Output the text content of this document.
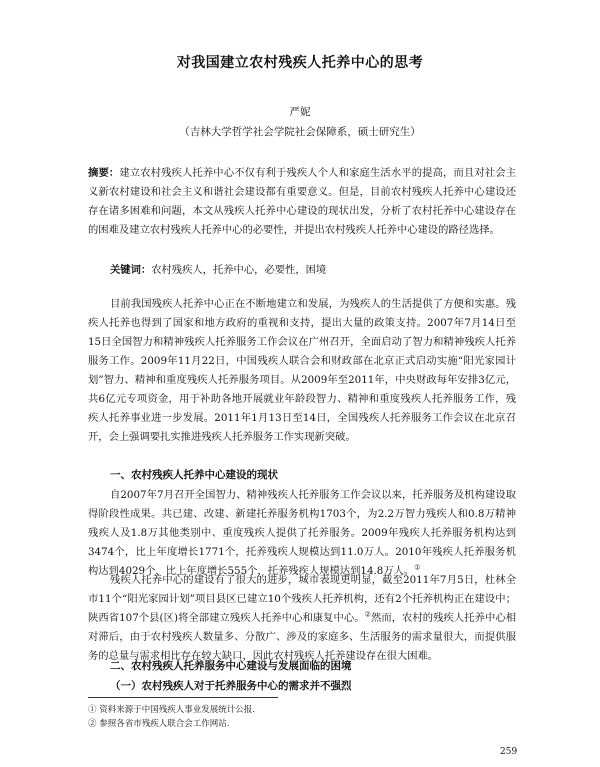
对我国建立农村残疾人托养中心的思考
严妮
（吉林大学哲学社会学院社会保障系，硕士研究生）

摘要：建立农村残疾人托养中心不仅有利于残疾人个人和家庭生活水平的提高，而且对社会主义新农村建设和社会主义和谐社会建设都有重要意义。但是，目前农村残疾人托养中心建设还存在诸多困难和问题，本文从残疾人托养中心建设的现状出发，分析了农村托养中心建设存在的困难及建立农村残疾人托养中心的必要性，并提出农村残疾人托养中心建设的路径选择。

关键词：农村残疾人，托养中心，必要性，困境

目前我国残疾人托养中心正在不断地建立和发展，为残疾人的生活提供了方便和实惠。残疾人托养也得到了国家和地方政府的重视和支持，提出大量的政策支持。2007年7月14日至15日全国智力和精神残疾人托养服务工作会议在广州召开，全面启动了智力和精神残疾人托养服务工作。2009年11月22日，中国残疾人联合会和财政部在北京正式启动实施“阳光家园计划”智力、精神和重度残疾人托养服务项目。从2009年至2011年，中央财政每年安排3亿元，共6亿元专项资金，用于补助各地开展就业年龄段智力、精神和重度残疾人托养服务工作，残疾人托养事业进一步发展。2011年1月13日至14日，全国残疾人托养服务工作会议在北京召开，会上强调要扎实推进残疾人托养服务工作实现新突破。

一、农村残疾人托养中心建设的现状

自2007年7月召开全国智力、精神残疾人托养服务工作会议以来，托养服务及机构建设取得阶段性成果。共已建、改建、新建托养服务机构1703个，为2.2万智力残疾人和0.8万精神残疾人及1.8万其他类别中、重度残疾人提供了托养服务。2009年残疾人托养服务机构达到3474个，比上年度增长1771个，托养残疾人规模达到11.0万人。2010年残疾人托养服务机构达到4029个，比上年度增长555个，托养残疾人规模达到14.8万人。①

残疾人托养中心的建设有了很大的进步，城市表现更明显，截至2011年7月5日，杜林全市11个“阳光家园计划”项目县区已建立10个残疾人托养机构，还有2个托养机构正在建设中；陕西省107个县(区)将全部建立残疾人托养中心和康复中心。②然而，农村的残疾人托养中心相对滞后，由于农村残疾人数量多、分散广、涉及的家庭多、生活服务的需求量很大，而提供服务的总量与需求相比存在较大缺口，因此农村残疾人托养建设存在很大困难。

二、农村残疾人托养服务中心建设与发展面临的困境

（一）农村残疾人对于托养服务中心的需求并不强烈

① 资料来源于中国残疾人事业发展统计公报.

② 参照各省市残疾人联合会工作网站.

259
